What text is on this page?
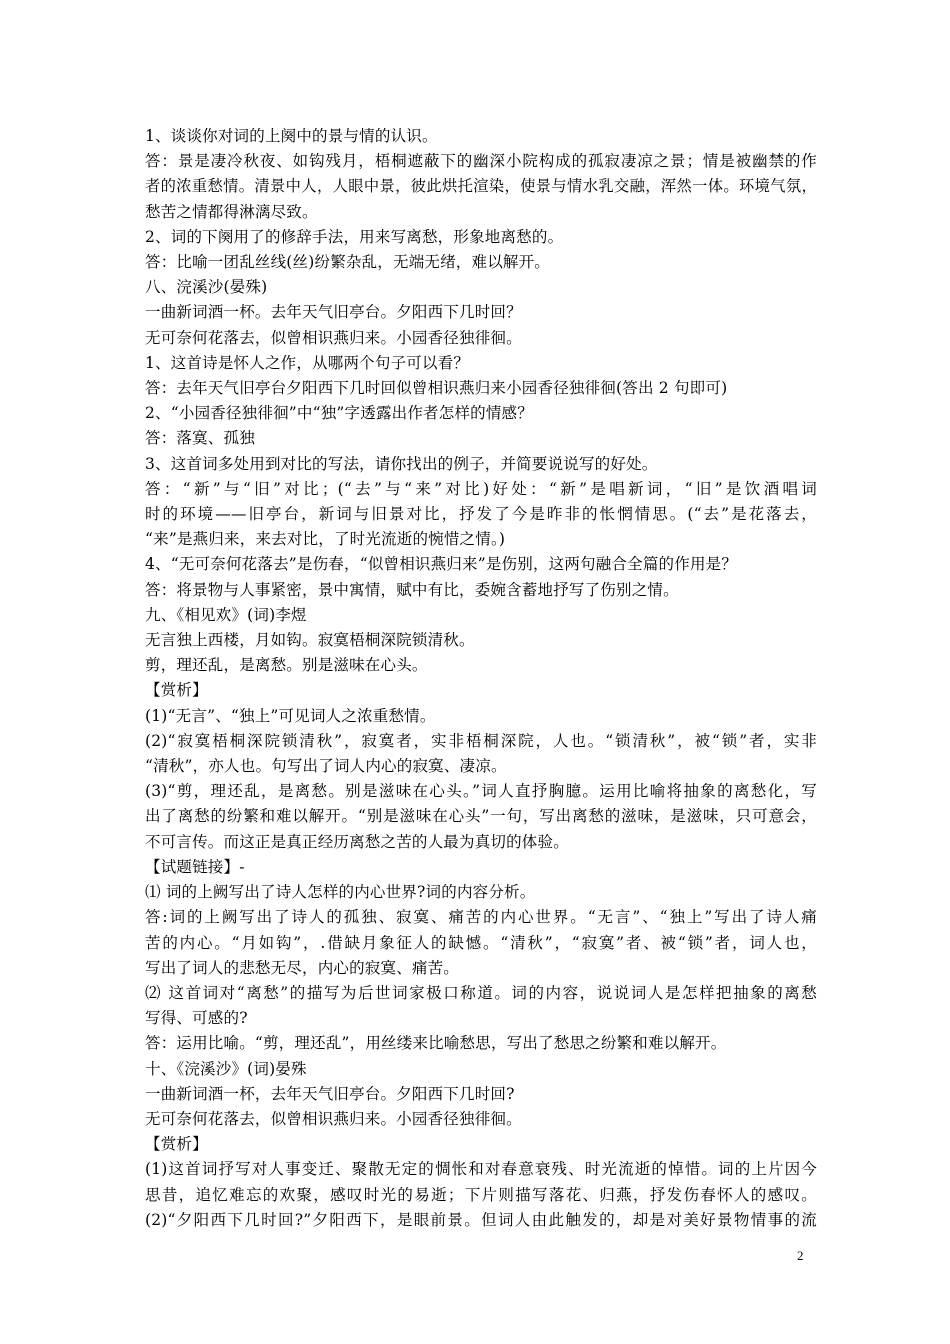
1、谈谈你对词的上阕中的景与情的认识。

答：景是凄冷秋夜、如钩残月，梧桐遮蔽下的幽深小院构成的孤寂凄凉之景；情是被幽禁的作

者的浓重愁情。清景中人，人眼中景，彼此烘托渲染，使景与情水乳交融，浑然一体。环境气氛，

愁苦之情都得淋漓尽致。

2、词的下阕用了的修辞手法，用来写离愁，形象地离愁的。

答：比喻一团乱丝线(丝)纷繁杂乱，无端无绪，难以解开。

八、浣溪沙(晏殊)

一曲新词酒一杯。去年天气旧亭台。夕阳西下几时回？

无可奈何花落去，似曾相识燕归来。小园香径独徘徊。

1、这首诗是怀人之作，从哪两个句子可以看？

答：去年天气旧亭台夕阳西下几时回似曾相识燕归来小园香径独徘徊(答出 2 句即可)

2、“小园香径独徘徊”中“独”字透露出作者怎样的情感？

答：落寞、孤独

3、这首词多处用到对比的写法，请你找出的例子，并简要说说写的好处。

答：“新”与“旧”对比；(“去”与“来”对比)好处：“新”是唱新词，“旧”是饮酒唱词

时的环境——旧亭台，新词与旧景对比，抒发了今是昨非的怅惘情思。(“去”是花落去，

“来”是燕归来，来去对比，了时光流逝的惋惜之情。)

4、“无可奈何花落去”是伤春，“似曾相识燕归来”是伤别，这两句融合全篇的作用是？

答：将景物与人事紧密，景中寓情，赋中有比，委婉含蓄地抒写了伤别之情。

九、《相见欢》(词)李煜

无言独上西楼，月如钩。寂寞梧桐深院锁清秋。

剪，理还乱，是离愁。别是滋味在心头。

【赏析】

(1)“无言”、“独上”可见词人之浓重愁情。

(2)“寂寞梧桐深院锁清秋”，寂寞者，实非梧桐深院，人也。“锁清秋”，被“锁”者，实非

“清秋”，亦人也。句写出了词人内心的寂寞、凄凉。

(3)“剪，理还乱，是离愁。别是滋味在心头。”词人直抒胸臆。运用比喻将抽象的离愁化，写

出了离愁的纷繁和难以解开。“别是滋味在心头”一句，写出离愁的滋味，是滋味，只可意会，

不可言传。而这正是真正经历离愁之苦的人最为真切的体验。

【试题链接】-

⑴ 词的上阙写出了诗人怎样的内心世界?词的内容分析。

答:词的上阙写出了诗人的孤独、寂寞、痛苦的内心世界。“无言”、“独上”写出了诗人痛

苦的内心。“月如钩”，.借缺月象征人的缺憾。“清秋”，“寂寞”者、被“锁”者，词人也，

写出了词人的悲愁无尽，内心的寂寞、痛苦。

⑵ 这首词对“离愁”的描写为后世词家极口称道。词的内容，说说词人是怎样把抽象的离愁

写得、可感的?

答：运用比喻。“剪，理还乱”，用丝缕来比喻愁思，写出了愁思之纷繁和难以解开。

十、《浣溪沙》(词)晏殊

一曲新词酒一杯，去年天气旧亭台。夕阳西下几时回?

无可奈何花落去，似曾相识燕归来。小园香径独徘徊。

【赏析】

(1)这首词抒写对人事变迁、聚散无定的惆怅和对春意衰残、时光流逝的悼惜。词的上片因今

思昔，追忆难忘的欢聚，感叹时光的易逝；下片则描写落花、归燕，抒发伤春怀人的感叹。

(2)“夕阳西下几时回?”夕阳西下，是眼前景。但词人由此触发的，却是对美好景物情事的流

2
